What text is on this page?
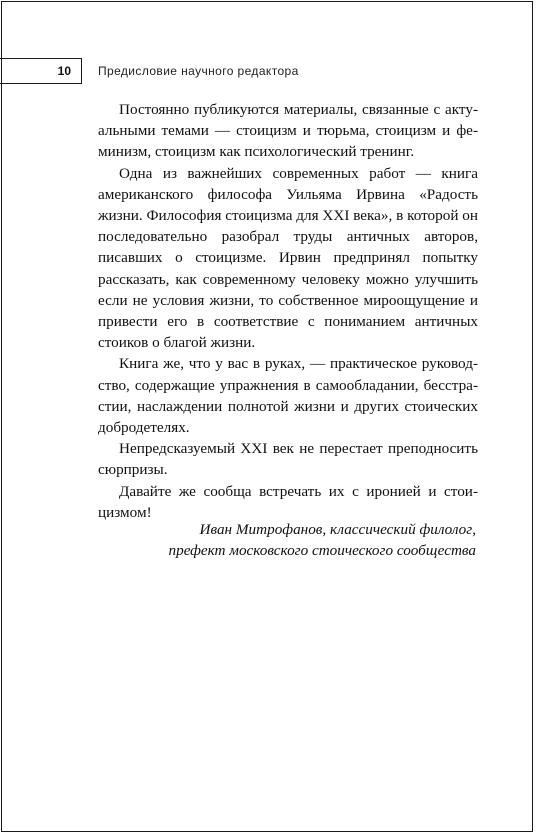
10 Предисловие научного редактора

Постоянно публикуются материалы, связанные с актуальными темами — стоицизм и тюрьма, стоицизм и феминизм, стоицизм как психологический тренинг.

Одна из важнейших современных работ — книга американского философа Уильяма Ирвина «Радость жизни. Философия стоицизма для XXI века», в которой он последовательно разобрал труды античных авторов, писавших о стоицизме. Ирвин предпринял попытку рассказать, как современному человеку можно улучшить если не условия жизни, то собственное мироощущение и привести его в соответствие с пониманием античных стоиков о благой жизни.

Книга же, что у вас в руках, — практическое руководство, содержащие упражнения в самообладании, бесстрастии, наслаждении полнотой жизни и других стоических добродетелях.

Непредсказуемый XXI век не перестает преподносить сюрпризы.

Давайте же сообща встречать их с иронией и стоицизмом!

Иван Митрофанов, классический филолог,
префект московского стоического сообщества
